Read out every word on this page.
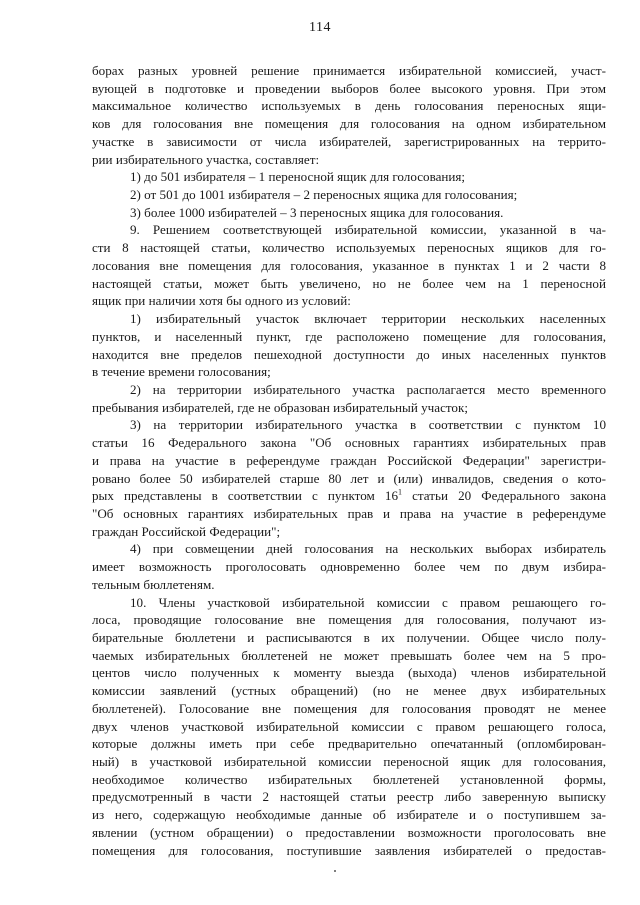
114
борах разных уровней решение принимается избирательной комиссией, участ-
вующей в подготовке и проведении выборов более высокого уровня. При этом
максимальное количество используемых в день голосования переносных ящи-
ков для голосования вне помещения для голосования на одном избирательном
участке в зависимости от числа избирателей, зарегистрированных на террито-
рии избирательного участка, составляет:
1) до 501 избирателя – 1 переносной ящик для голосования;
2) от 501 до 1001 избирателя – 2 переносных ящика для голосования;
3) более 1000 избирателей – 3 переносных ящика для голосования.
9. Решением соответствующей избирательной комиссии, указанной в ча-
сти 8 настоящей статьи, количество используемых переносных ящиков для го-
лосования вне помещения для голосования, указанное в пунктах 1 и 2 части 8
настоящей статьи, может быть увеличено, но не более чем на 1 переносной
ящик при наличии хотя бы одного из условий:
1) избирательный участок включает территории нескольких населенных
пунктов, и населенный пункт, где расположено помещение для голосования,
находится вне пределов пешеходной доступности до иных населенных пунктов
в течение времени голосования;
2) на территории избирательного участка располагается место временного
пребывания избирателей, где не образован избирательный участок;
3) на территории избирательного участка в соответствии с пунктом 10
статьи 16 Федерального закона "Об основных гарантиях избирательных прав
и права на участие в референдуме граждан Российской Федерации" зарегистри-
ровано более 50 избирателей старше 80 лет и (или) инвалидов, сведения о кото-
рых представлены в соответствии с пунктом $16^1$ статьи 20 Федерального закона
"Об основных гарантиях избирательных прав и права на участие в референдуме
граждан Российской Федерации";
4) при совмещении дней голосования на нескольких выборах избиратель
имеет возможность проголосовать одновременно более чем по двум избира-
тельным бюллетеням.
10. Члены участковой избирательной комиссии с правом решающего го-
лоса, проводящие голосование вне помещения для голосования, получают из-
бирательные бюллетени и расписываются в их получении. Общее число полу-
чаемых избирательных бюллетеней не может превышать более чем на 5 про-
центов число полученных к моменту выезда (выхода) членов избирательной
комиссии заявлений (устных обращений) (но не менее двух избирательных
бюллетеней). Голосование вне помещения для голосования проводят не менее
двух членов участковой избирательной комиссии с правом решающего голоса,
которые должны иметь при себе предварительно опечатанный (опломбирован-
ный) в участковой избирательной комиссии переносной ящик для голосования,
необходимое количество избирательных бюллетеней установленной формы,
предусмотренный в части 2 настоящей статьи реестр либо заверенную выписку
из него, содержащую необходимые данные об избирателе и о поступившем за-
явлении (устном обращении) о предоставлении возможности проголосовать вне
помещения для голосования, поступившие заявления избирателей о предостав-
